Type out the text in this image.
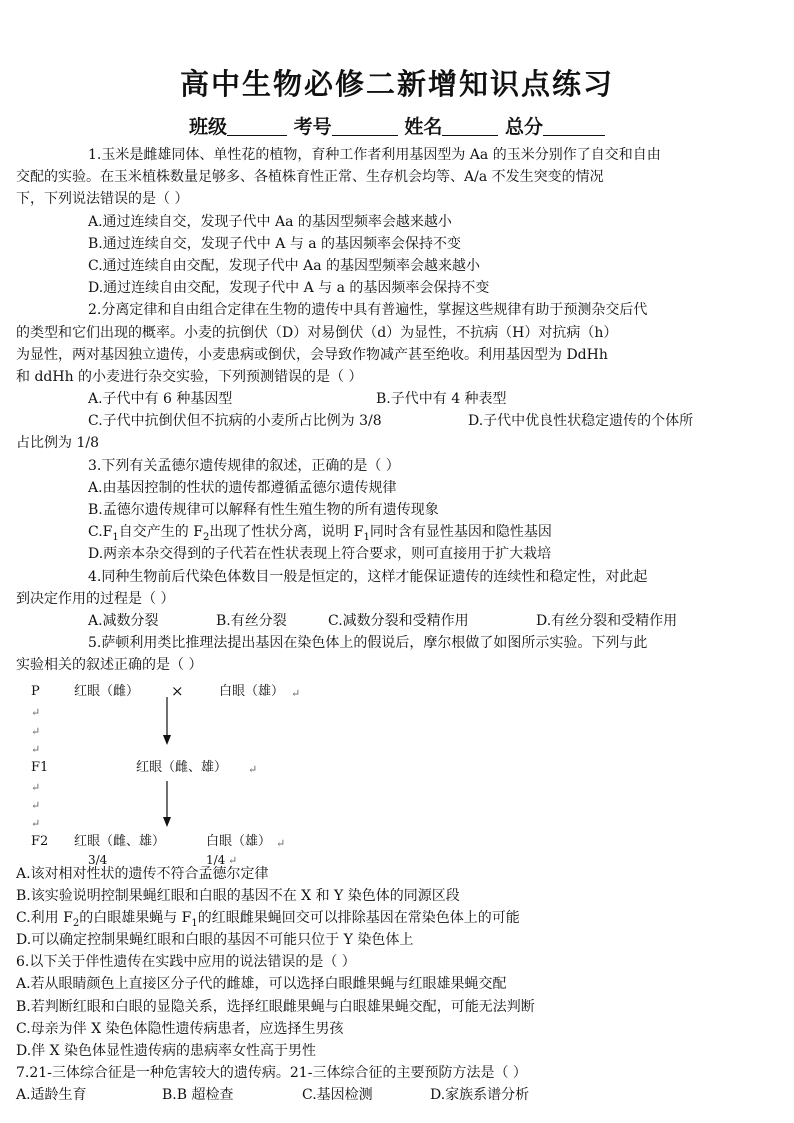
高中生物必修二新增知识点练习
班级	考号	姓名	总分
1.玉米是雌雄同体、单性花的植物，育种工作者利用基因型为 Aa 的玉米分别作了自交和自由
交配的实验。在玉米植株数量足够多、各植株育性正常、生存机会均等、A/a 不发生突变的情况
下，下列说法错误的是（ ）
A.通过连续自交，发现子代中 Aa 的基因型频率会越来越小
B.通过连续自交，发现子代中 A 与 a 的基因频率会保持不变
C.通过连续自由交配，发现子代中 Aa 的基因型频率会越来越小
D.通过连续自由交配，发现子代中 A 与 a 的基因频率会保持不变
2.分离定律和自由组合定律在生物的遗传中具有普遍性，掌握这些规律有助于预测杂交后代
的类型和它们出现的概率。小麦的抗倒伏（D）对易倒伏（d）为显性，不抗病（H）对抗病（h）
为显性，两对基因独立遗传，小麦患病或倒伏，会导致作物减产甚至绝收。利用基因型为 DdHh
和 ddHh 的小麦进行杂交实验，下列预测错误的是（ ）
A.子代中有 6 种基因型	B.子代中有 4 种表型
C.子代中抗倒伏但不抗病的小麦所占比例为 3/8	D.子代中优良性状稳定遗传的个体所
占比例为 1/8
3.下列有关孟德尔遗传规律的叙述，正确的是（ ）
A.由基因控制的性状的遗传都遵循孟德尔遗传规律
B.孟德尔遗传规律可以解释有性生殖生物的所有遗传现象
$C.F_1$自交产生的 $F_2$出现了性状分离，说明 $F_1$同时含有显性基因和隐性基因
D.两亲本杂交得到的子代若在性状表现上符合要求，则可直接用于扩大栽培
4.同种生物前后代染色体数目一般是恒定的，这样才能保证遗传的连续性和稳定性，对此起
到决定作用的过程是（ ）
A.减数分裂	B.有丝分裂	C.减数分裂和受精作用	D.有丝分裂和受精作用
5.萨顿利用类比推理法提出基因在染色体上的假说后，摩尔根做了如图所示实验。下列与此
实验相关的叙述正确的是（ ）
P	红眼（雌） ×	白眼（雄） ↵
↵
↵
↵
F1	红眼（雌、雄） ↵
↵
↵
↵
F2 红眼（雌、雄）	白眼（雄） ↵
3/4	1/4 ↵
A.该对相对性状的遗传不符合孟德尔定律
B.该实验说明控制果蝇红眼和白眼的基因不在 X 和 Y 染色体的同源区段
C.利用 $F_2$的白眼雄果蝇与 $F_1$的红眼雌果蝇回交可以排除基因在常染色体上的可能
D.可以确定控制果蝇红眼和白眼的基因不可能只位于 Y 染色体上
6.以下关于伴性遗传在实践中应用的说法错误的是（ ）
A.若从眼睛颜色上直接区分子代的雌雄，可以选择白眼雌果蝇与红眼雄果蝇交配
B.若判断红眼和白眼的显隐关系，选择红眼雌果蝇与白眼雄果蝇交配，可能无法判断
C.母亲为伴 X 染色体隐性遗传病患者，应选择生男孩
D.伴 X 染色体显性遗传病的患病率女性高于男性
7.21-三体综合征是一种危害较大的遗传病。21-三体综合征的主要预防方法是（ ）
A.适龄生育	B.B 超检查	C.基因检测	D.家族系谱分析
